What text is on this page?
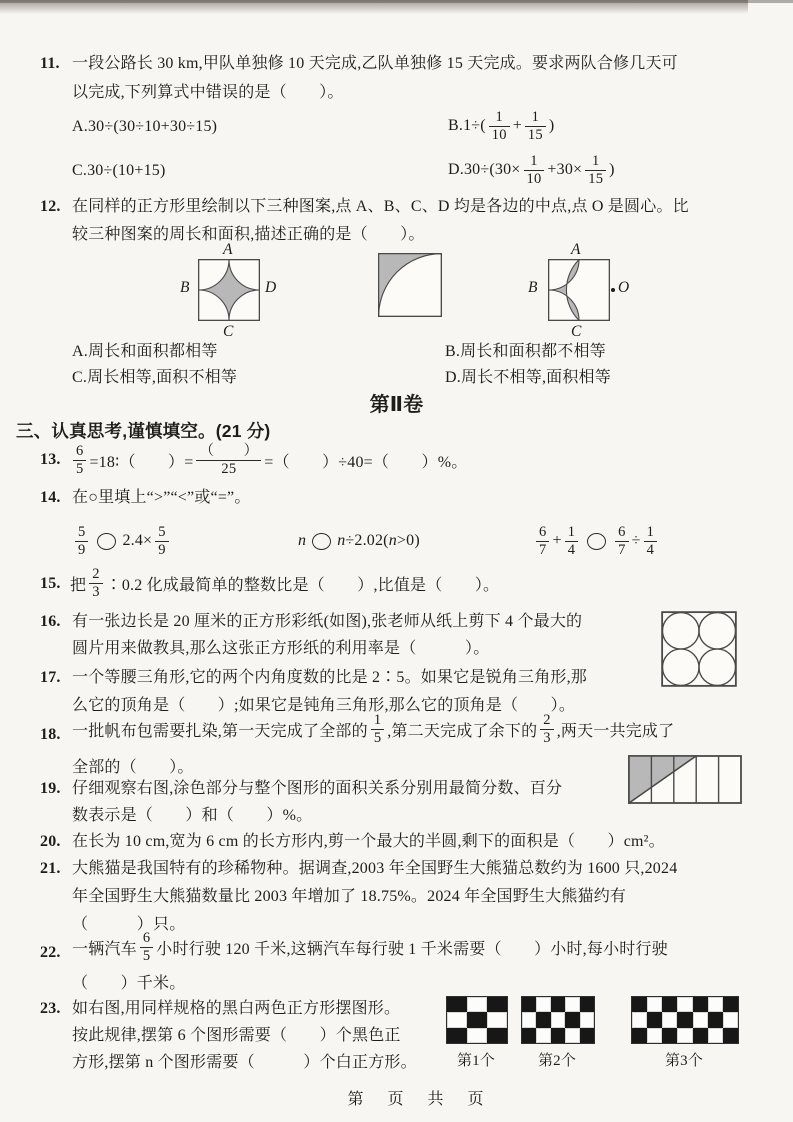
11. 一段公路长 30 km,甲队单独修 10 天完成,乙队单独修 15 天完成。要求两队合修几天可
以完成,下列算式中错误的是（　　）。
A.30÷(30÷10+30÷15)	$B.1\div( \frac{1}{10} + \frac{1}{15}$ )
C.30÷(10+15)	$D.30\div(30\times \frac{1}{10} +30\times \frac{1}{15}$ )
12. 在同样的正方形里绘制以下三种图案,点 A、B、C、D 均是各边的中点,点 O 是圆心。比
较三种图案的周长和面积,描述正确的是（　　）。
A
B
C
D
A
B
C
O
A.周长和面积都相等	B.周长和面积都不相等
C.周长相等,面积不相等	D.周长不相等,面积相等
第Ⅱ卷
三、认真思考,谨慎填空。(21 分)
13. $\frac{6}{5}$ =18∶（　　）= $\frac{( )}{25}$ =（　　）÷40=（　　）%。
14. 在○里填上“>”“<”或“=”。
$\frac{5}{9} 2.4\times \frac{5}{9}$	n n ÷2.02( n >0)	$\frac{6}{7} + \frac{1}{4}$	$\frac{6}{7} \div \frac{1}{4}$
15. 把 $\frac{2}{3}$ ∶0.2 化成最简单的整数比是（　　）,比值是（　　）。
16. 有一张边长是 20 厘米的正方形彩纸(如图),张老师从纸上剪下 4 个最大的
圆片用来做教具,那么这张正方形纸的利用率是（　　　）。
17. 一个等腰三角形,它的两个内角度数的比是 2∶5。如果它是锐角三角形,那
么它的顶角是（　　）;如果它是钝角三角形,那么它的顶角是（　　）。
18. 一批帆布包需要扎染,第一天完成了全部的 $\frac{1}{5}$ ,第二天完成了余下的 $\frac{2}{3}$ ,两天一共完成了
全部的（　　）。
19. 仔细观察右图,涂色部分与整个图形的面积关系分别用最简分数、百分
数表示是（　　）和（　　）%。
20. 在长为 10 cm,宽为 6 cm 的长方形内,剪一个最大的半圆,剩下的面积是（　　）cm²。
21. 大熊猫是我国特有的珍稀物种。据调查,2003 年全国野生大熊猫总数约为 1600 只,2024
年全国野生大熊猫数量比 2003 年增加了 18.75%。2024 年全国野生大熊猫约有
（　　　）只。
22. 一辆汽车 $\frac{6}{5}$ 小时行驶 120 千米,这辆汽车每行驶 1 千米需要（　　）小时,每小时行驶
（　　）千米。
23. 如右图,用同样规格的黑白两色正方形摆图形。
按此规律,摆第 6 个图形需要（　　）个黑色正
方形,摆第 n 个图形需要（　　　）个白正方形。	第1个	第2个	第3个
第　页　共　页
